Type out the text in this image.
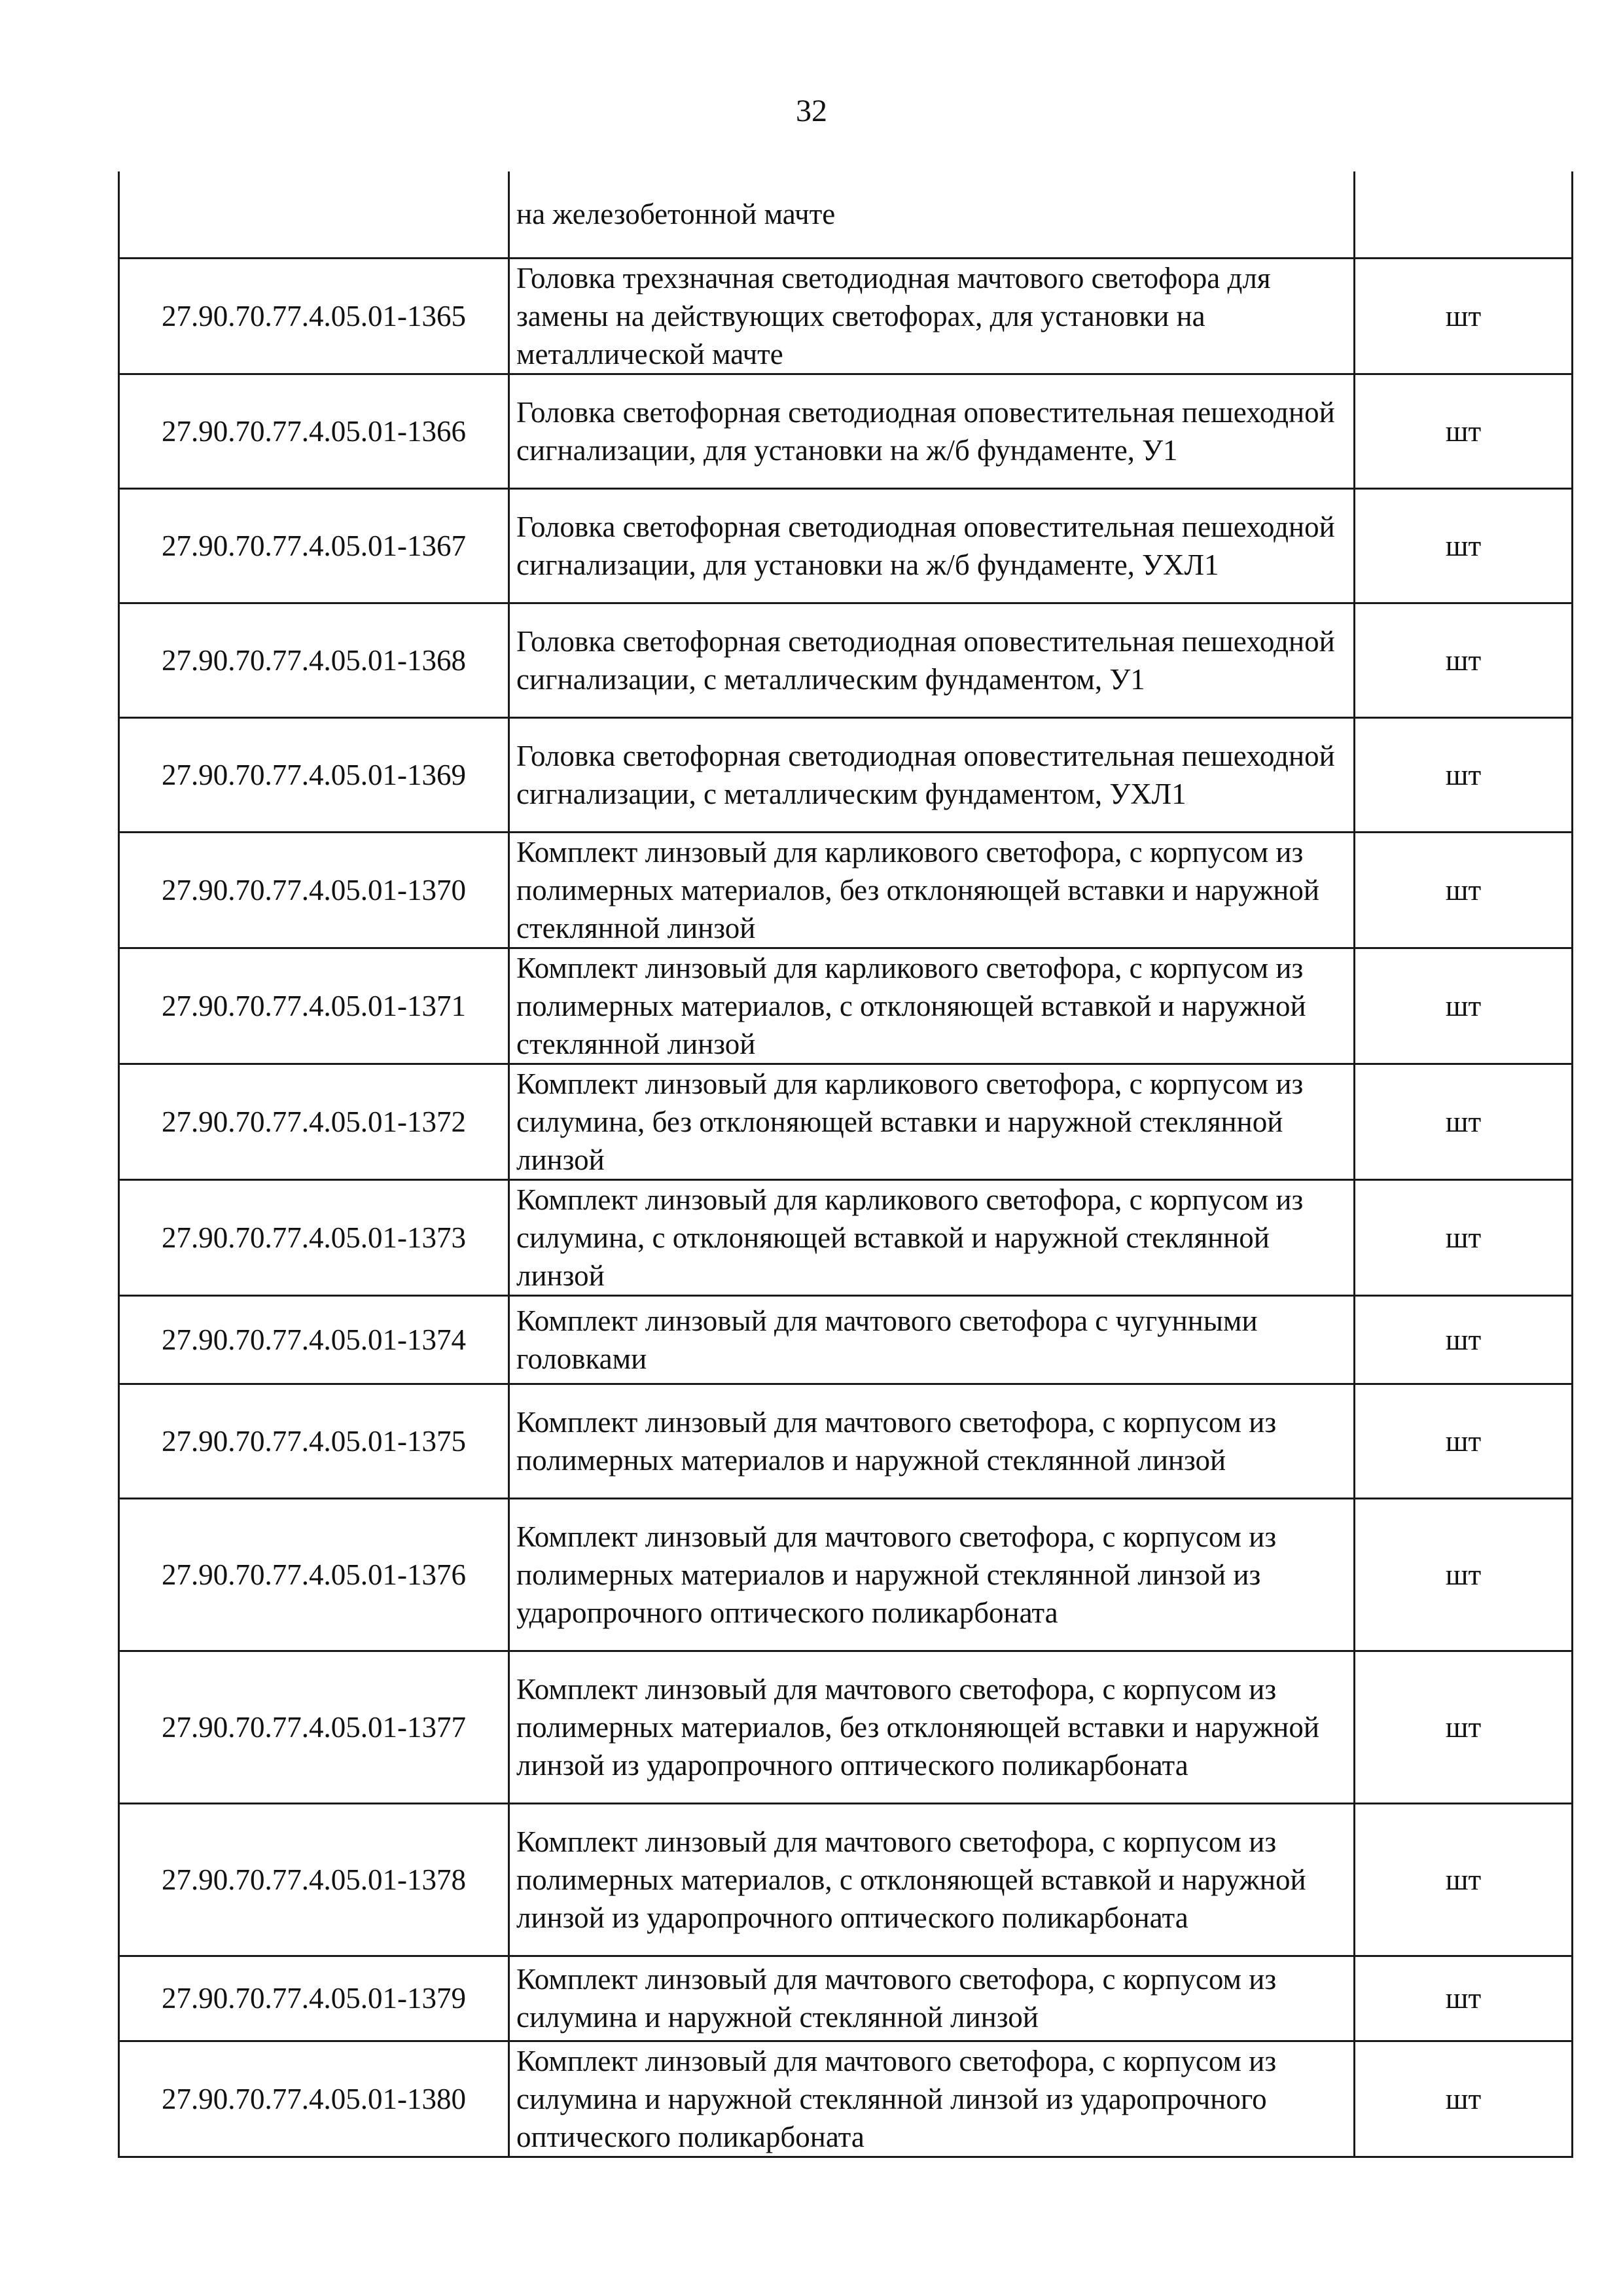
32
	на железобетонной мачте	
27.90.70.77.4.05.01-1365	Головка трехзначная светодиодная мачтового светофора для замены на действующих светофорах, для установки на металлической мачте	шт
27.90.70.77.4.05.01-1366	Головка светофорная светодиодная оповестительная пешеходной сигнализации, для установки на ж/б фундаменте, У1	шт
27.90.70.77.4.05.01-1367	Головка светофорная светодиодная оповестительная пешеходной сигнализации, для установки на ж/б фундаменте, УХЛ1	шт
27.90.70.77.4.05.01-1368	Головка светофорная светодиодная оповестительная пешеходной сигнализации, с металлическим фундаментом, У1	шт
27.90.70.77.4.05.01-1369	Головка светофорная светодиодная оповестительная пешеходной сигнализации, с металлическим фундаментом, УХЛ1	шт
27.90.70.77.4.05.01-1370	Комплект линзовый для карликового светофора, с корпусом из полимерных материалов, без отклоняющей вставки и наружной стеклянной линзой	шт
27.90.70.77.4.05.01-1371	Комплект линзовый для карликового светофора, с корпусом из полимерных материалов, с отклоняющей вставкой и наружной стеклянной линзой	шт
27.90.70.77.4.05.01-1372	Комплект линзовый для карликового светофора, с корпусом из силумина, без отклоняющей вставки и наружной стеклянной линзой	шт
27.90.70.77.4.05.01-1373	Комплект линзовый для карликового светофора, с корпусом из силумина, с отклоняющей вставкой и наружной стеклянной линзой	шт
27.90.70.77.4.05.01-1374	Комплект линзовый для мачтового светофора с чугунными головками	шт
27.90.70.77.4.05.01-1375	Комплект линзовый для мачтового светофора, с корпусом из полимерных материалов и наружной стеклянной линзой	шт
27.90.70.77.4.05.01-1376	Комплект линзовый для мачтового светофора, с корпусом из полимерных материалов и наружной стеклянной линзой из ударопрочного оптического поликарбоната	шт
27.90.70.77.4.05.01-1377	Комплект линзовый для мачтового светофора, с корпусом из полимерных материалов, без отклоняющей вставки и наружной линзой из ударопрочного оптического поликарбоната	шт
27.90.70.77.4.05.01-1378	Комплект линзовый для мачтового светофора, с корпусом из полимерных материалов, с отклоняющей вставкой и наружной линзой из ударопрочного оптического поликарбоната	шт
27.90.70.77.4.05.01-1379	Комплект линзовый для мачтового светофора, с корпусом из силумина и наружной стеклянной линзой	шт
27.90.70.77.4.05.01-1380	Комплект линзовый для мачтового светофора, с корпусом из силумина и наружной стеклянной линзой из ударопрочного оптического поликарбоната	шт
